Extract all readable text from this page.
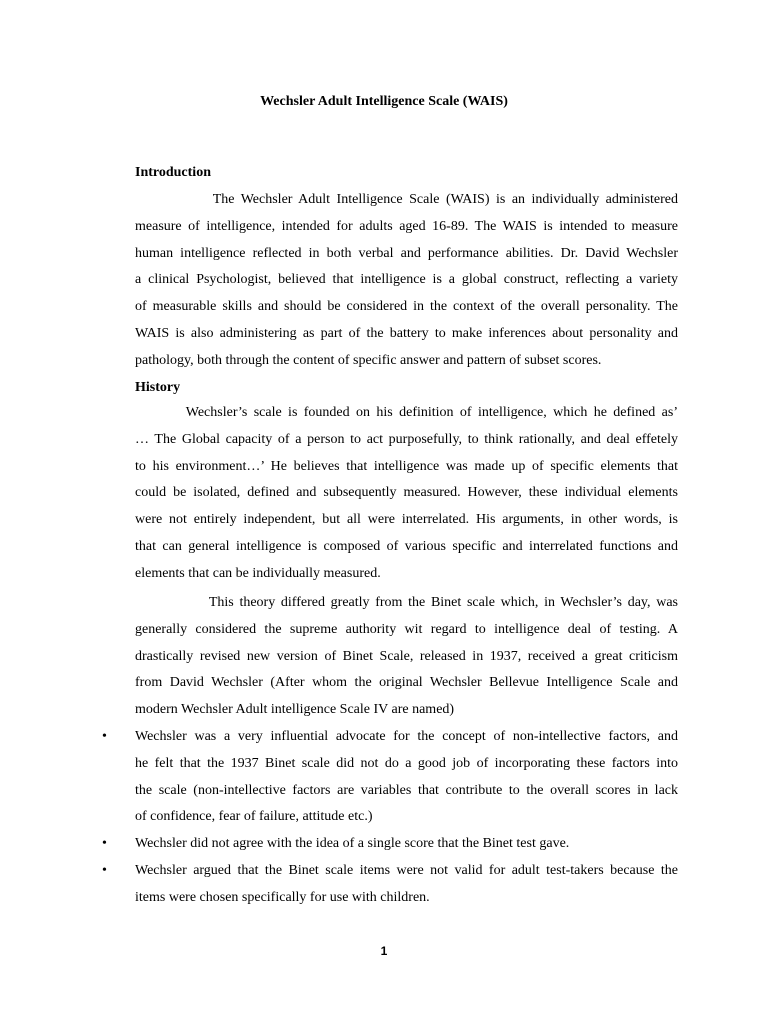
Wechsler Adult Intelligence Scale (WAIS)
Introduction
The Wechsler Adult Intelligence Scale (WAIS) is an individually administered
measure of intelligence, intended for adults aged 16-89. The WAIS is intended to measure
human intelligence reflected in both verbal and performance abilities. Dr. David Wechsler
a clinical Psychologist, believed that intelligence is a global construct, reflecting a variety
of measurable skills and should be considered in the context of the overall personality. The
WAIS is also administering as part of the battery to make inferences about personality and
pathology, both through the content of specific answer and pattern of subset scores.
History
Wechsler’s scale is founded on his definition of intelligence, which he defined as’
… The Global capacity of a person to act purposefully, to think rationally, and deal effetely
to his environment…’ He believes that intelligence was made up of specific elements that
could be isolated, defined and subsequently measured. However, these individual elements
were not entirely independent, but all were interrelated. His arguments, in other words, is
that can general intelligence is composed of various specific and interrelated functions and
elements that can be individually measured.
This theory differed greatly from the Binet scale which, in Wechsler’s day, was
generally considered the supreme authority wit regard to intelligence deal of testing. A
drastically revised new version of Binet Scale, released in 1937, received a great criticism
from David Wechsler (After whom the original Wechsler Bellevue Intelligence Scale and
modern Wechsler Adult intelligence Scale IV are named)
•	Wechsler was a very influential advocate for the concept of non-intellective factors, and
he felt that the 1937 Binet scale did not do a good job of incorporating these factors into
the scale (non-intellective factors are variables that contribute to the overall scores in lack
of confidence, fear of failure, attitude etc.)
•	Wechsler did not agree with the idea of a single score that the Binet test gave.
•	Wechsler argued that the Binet scale items were not valid for adult test-takers because the
items were chosen specifically for use with children.
1
